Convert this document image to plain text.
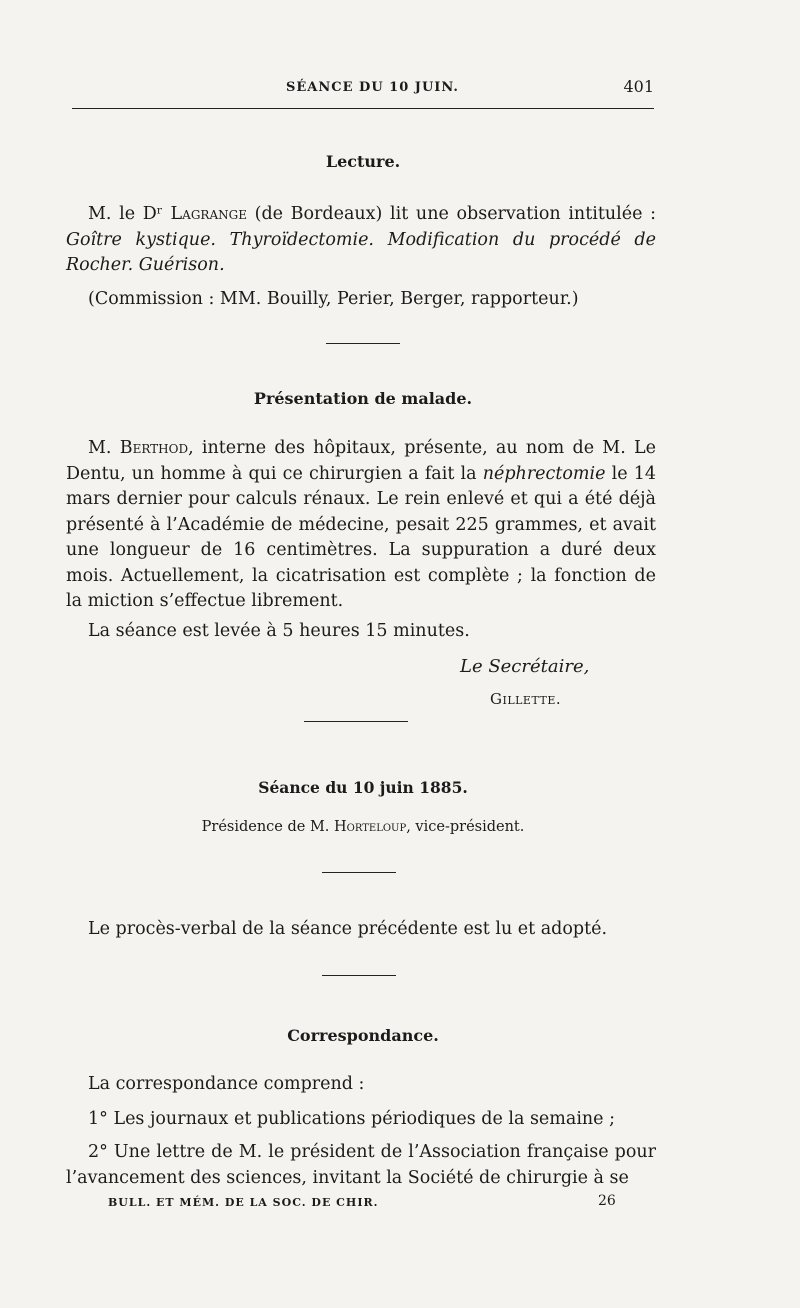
SÉANCE DU 10 JUIN.	401
Lecture.

M. le Dʳ Lagrange (de Bordeaux) lit une observation intitulée : Goître kystique. Thyroïdectomie. Modification du procédé de Rocher. Guérison.

(Commission : MM. Bouilly, Perier, Berger, rapporteur.)

Présentation de malade.

M. Berthod, interne des hôpitaux, présente, au nom de M. Le Dentu, un homme à qui ce chirurgien a fait la néphrectomie le 14 mars dernier pour calculs rénaux. Le rein enlevé et qui a été déjà présenté à l’Académie de médecine, pesait 225 grammes, et avait une longueur de 16 centimètres. La suppuration a duré deux mois. Actuellement, la cicatrisation est complète ; la fonction de la miction s’effectue librement.

La séance est levée à 5 heures 15 minutes.

Le Secrétaire,
Gillette.
Séance du 10 juin 1885.
Présidence de M. Horteloup, vice-président.

Le procès-verbal de la séance précédente est lu et adopté.

Correspondance.

La correspondance comprend :

1° Les journaux et publications périodiques de la semaine ;

2° Une lettre de M. le président de l’Association française pour l’avancement des sciences, invitant la Société de chirurgie à se

BULL. ET MÉM. DE LA SOC. DE CHIR.	26
